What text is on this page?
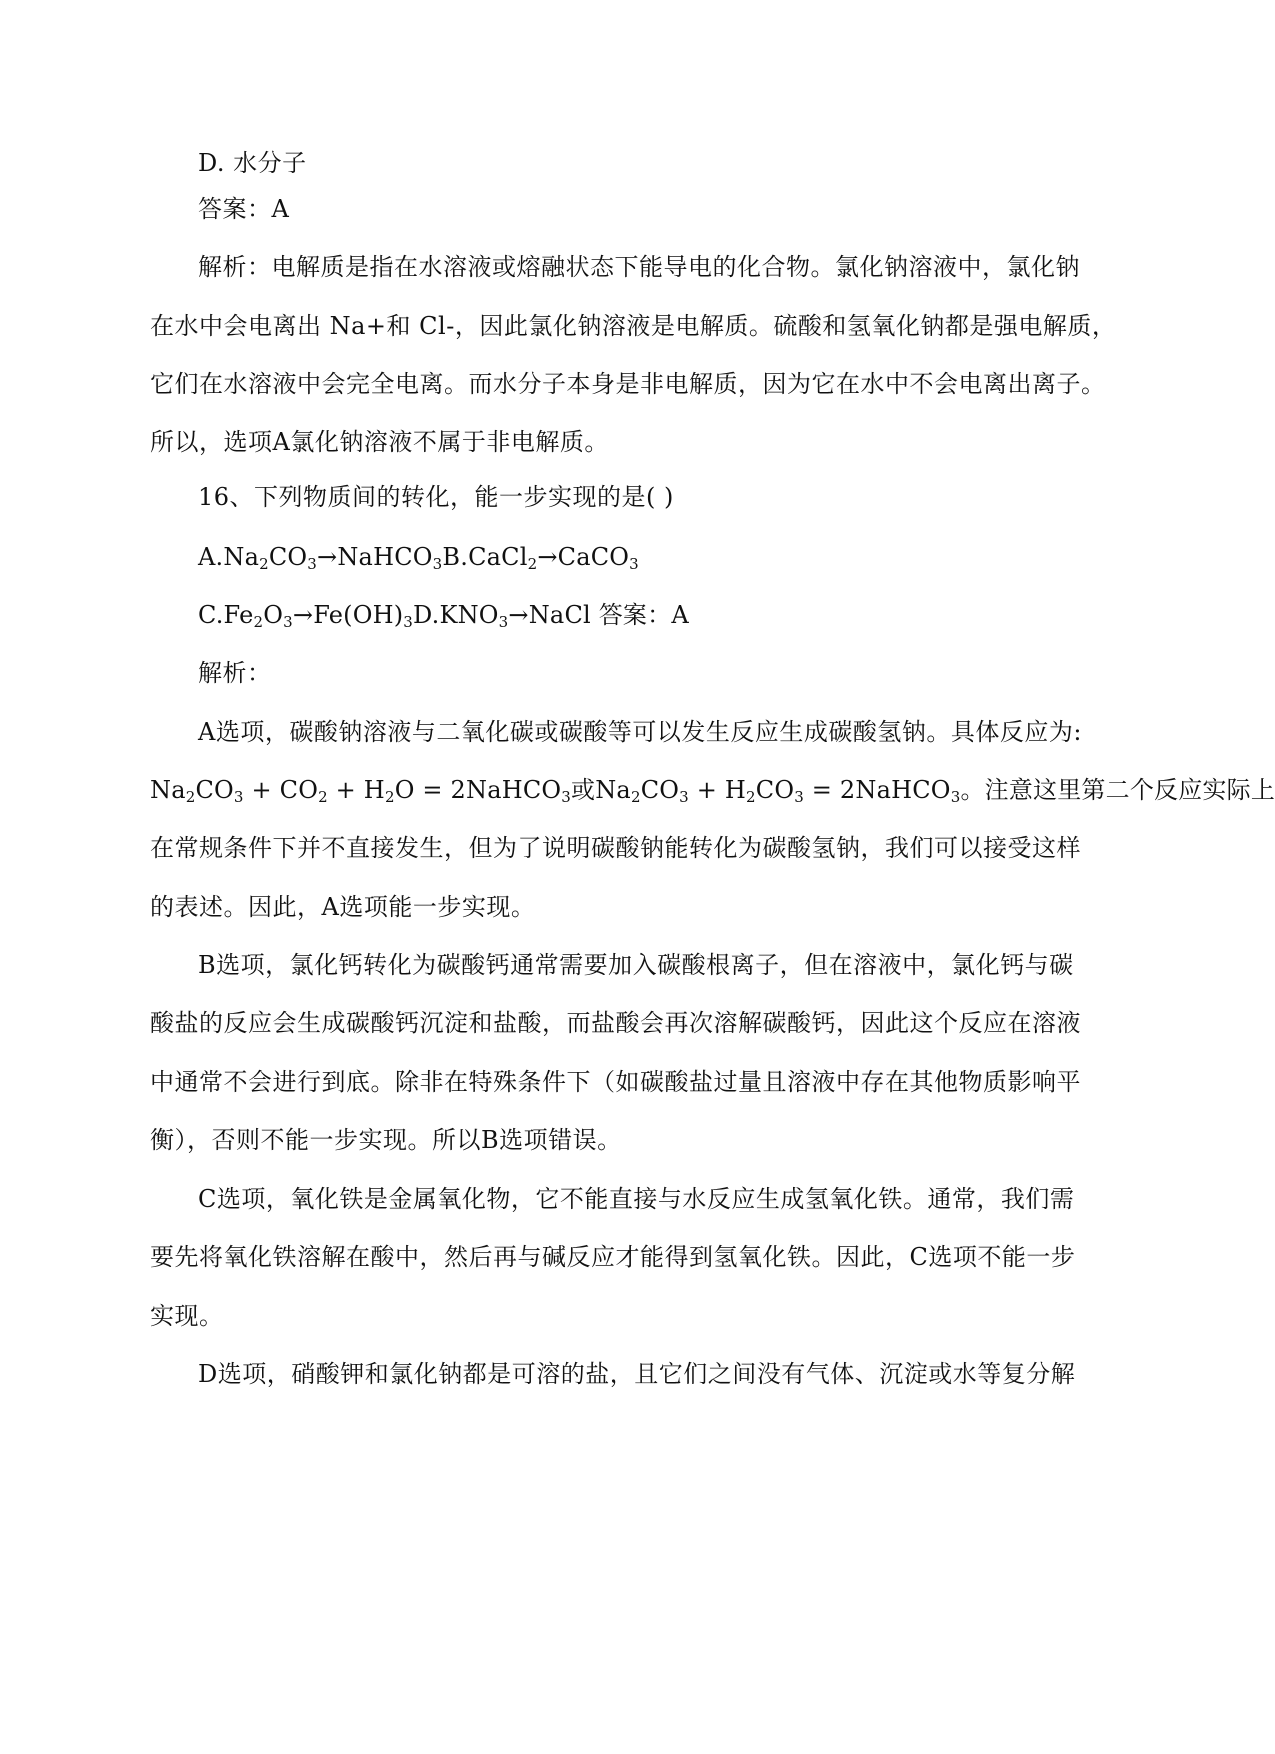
D. 水分子
答案：A
解析：电解质是指在水溶液或熔融状态下能导电的化合物。氯化钠溶液中，氯化钠
在水中会电离出 Na+和 Cl-，因此氯化钠溶液是电解质。硫酸和氢氧化钠都是强电解质，
它们在水溶液中会完全电离。而水分子本身是非电解质，因为它在水中不会电离出离子。
所以，选项A氯化钠溶液不属于非电解质。
16、下列物质间的转化，能一步实现的是( )
$A.Na_2CO_3\to NaHCO_3B.CaCl_2\to CaCO_3$
$C.Fe_2O_3\to Fe(OH)_3D.KNO_3\to NaCl$ 答案：A
解析：
A选项，碳酸钠溶液与二氧化碳或碳酸等可以发生反应生成碳酸氢钠。具体反应为:
$Na_2CO_3 + CO_2 + H_2O$ = 2NaHCO$_3$或$Na_2CO_3 + H_2CO_3$ = 2NaHCO$_3$。注意这里第二个反应实际上
在常规条件下并不直接发生，但为了说明碳酸钠能转化为碳酸氢钠，我们可以接受这样
的表述。因此，A选项能一步实现。
B选项，氯化钙转化为碳酸钙通常需要加入碳酸根离子，但在溶液中，氯化钙与碳
酸盐的反应会生成碳酸钙沉淀和盐酸，而盐酸会再次溶解碳酸钙，因此这个反应在溶液
中通常不会进行到底。除非在特殊条件下（如碳酸盐过量且溶液中存在其他物质影响平
衡），否则不能一步实现。所以B选项错误。
C选项，氧化铁是金属氧化物，它不能直接与水反应生成氢氧化铁。通常，我们需
要先将氧化铁溶解在酸中，然后再与碱反应才能得到氢氧化铁。因此，C选项不能一步
实现。
D选项，硝酸钾和氯化钠都是可溶的盐，且它们之间没有气体、沉淀或水等复分解
